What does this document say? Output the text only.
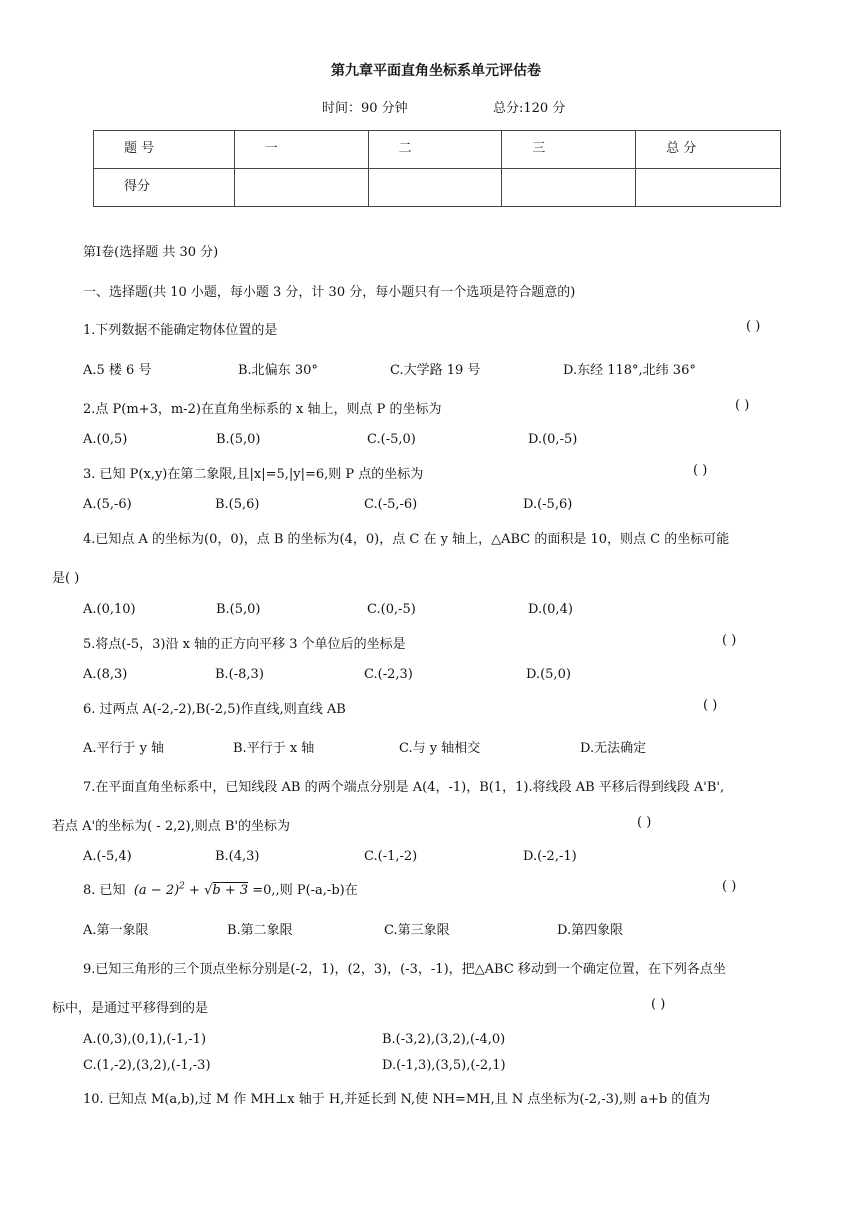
第九章平面直角坐标系单元评估卷
时间：90 分钟	总分:120 分
题 号	一	二	三	总 分
得分				
第Ⅰ卷(选择题 共 30 分)
一、选择题(共 10 小题，每小题 3 分，计 30 分，每小题只有一个选项是符合题意的)
1.下列数据不能确定物体位置的是	( )
A.5 楼 6 号	B.北偏东 30°	C.大学路 19 号	D.东经 118°,北纬 36°
2.点 P(m+3，m-2)在直角坐标系的 x 轴上，则点 P 的坐标为	( )
A.(0,5)	B.(5,0)	C.(-5,0)	D.(0,-5)
3. 已知 P(x,y)在第二象限,且|x|=5,|y|=6,则 P 点的坐标为	( )
A.(5,-6)	B.(5,6)	C.(-5,-6)	D.(-5,6)
4.已知点 A 的坐标为(0，0)，点 B 的坐标为(4，0)，点 C 在 y 轴上，△ABC 的面积是 10，则点 C 的坐标可能
是( )
A.(0,10)	B.(5,0)	C.(0,-5)	D.(0,4)
5.将点(-5，3)沿 x 轴的正方向平移 3 个单位后的坐标是	( )
A.(8,3)	B.(-8,3)	C.(-2,3)	D.(5,0)
6. 过两点 A(-2,-2),B(-2,5)作直线,则直线 AB	( )
A.平行于 y 轴	B.平行于 x 轴	C.与 y 轴相交	D.无法确定
7.在平面直角坐标系中，已知线段 AB 的两个端点分别是 A(4，-1)，B(1，1).将线段 AB 平移后得到线段 A'B',
若点 A'的坐标为( - 2,2),则点 B'的坐标为	( )
A.(-5,4)	B.(4,3)	C.(-1,-2)	D.(-2,-1)
8. 已知  $(a - 2)^2 + √b + 3 =0$,,则 P(-a,-b)在	( )
A.第一象限	B.第二象限	C.第三象限	D.第四象限
9.已知三角形的三个顶点坐标分别是(-2，1)，(2，3)，(-3，-1)，把△ABC 移动到一个确定位置，在下列各点坐
标中，是通过平移得到的是	( )
A.(0,3),(0,1),(-1,-1)	B.(-3,2),(3,2),(-4,0)
C.(1,-2),(3,2),(-1,-3)	D.(-1,3),(3,5),(-2,1)
10. 已知点 M(a,b),过 M 作 MH⊥x 轴于 H,并延长到 N,使 NH=MH,且 N 点坐标为(-2,-3),则 a+b 的值为
